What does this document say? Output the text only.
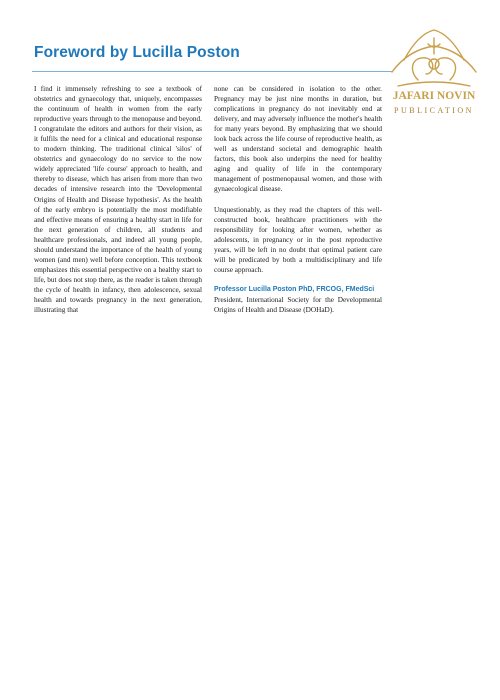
Foreword by Lucilla Poston
JAFARI NOVIN
PUBLICATION

I find it immensely refreshing to see a textbook of obstetrics and gynaecology that, uniquely, encompasses the continuum of health in women from the early reproductive years through to the menopause and beyond. I congratulate the editors and authors for their vision, as it fulfils the need for a clinical and educational response to modern thinking. The traditional clinical 'silos' of obstetrics and gynaecology do no service to the now widely appreciated 'life course' approach to health, and thereby to disease, which has arisen from more than two decades of intensive research into the 'Developmental Origins of Health and Disease hypothesis'. As the health of the early embryo is potentially the most modifiable and effective means of ensuring a healthy start in life for the next generation of children, all students and healthcare professionals, and indeed all young people, should understand the importance of the health of young women (and men) well before conception. This textbook emphasizes this essential perspective on a healthy start to life, but does not stop there, as the reader is taken through the cycle of health in infancy, then adolescence, sexual health and towards pregnancy in the next generation, illustrating that

none can be considered in isolation to the other. Pregnancy may be just nine months in duration, but complications in pregnancy do not inevitably end at delivery, and may adversely influence the mother's health for many years beyond. By emphasizing that we should look back across the life course of reproductive health, as well as understand societal and demographic health factors, this book also underpins the need for healthy aging and quality of life in the contemporary management of postmenopausal women, and those with gynaecological disease.

Unquestionably, as they read the chapters of this well-constructed book, healthcare practitioners with the responsibility for looking after women, whether as adolescents, in pregnancy or in the post reproductive years, will be left in no doubt that optimal patient care will be predicated by both a multidisciplinary and life course approach.

Professor Lucilla Poston PhD, FRCOG, FMedSci

President, International Society for the Developmental Origins of Health and Disease (DOHaD).
